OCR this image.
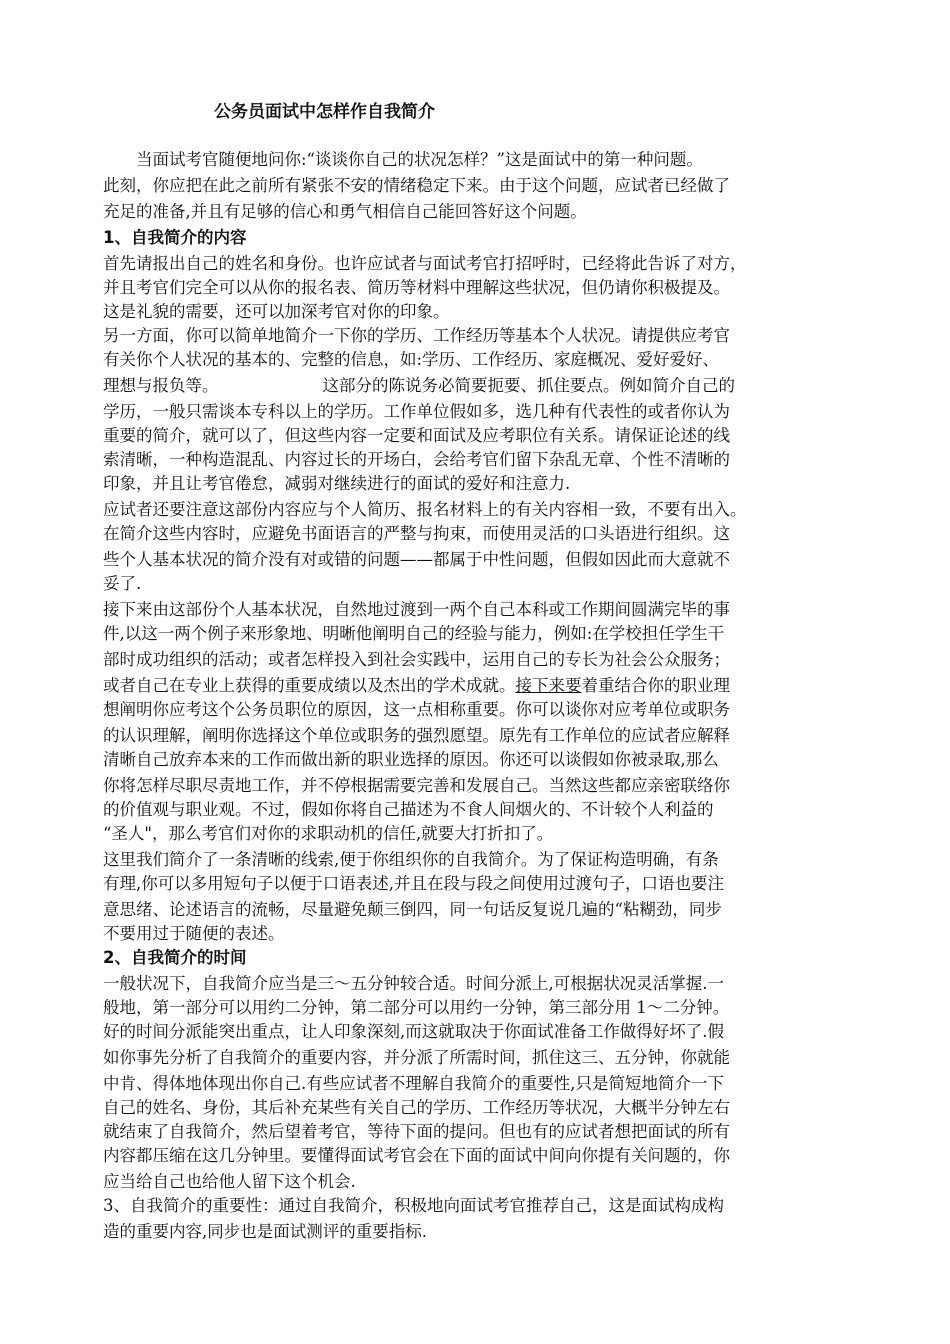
公务员面试中怎样作自我简介
当面试考官随便地问你:“谈谈你自己的状况怎样？”这是面试中的第一种问题。
此刻，你应把在此之前所有紧张不安的情绪稳定下来。由于这个问题，应试者已经做了
充足的准备,并且有足够的信心和勇气相信自己能回答好这个问题。
1、自我简介的内容
首先请报出自己的姓名和身份。也许应试者与面试考官打招呼时，已经将此告诉了对方，
并且考官们完全可以从你的报名表、简历等材料中理解这些状况，但仍请你积极提及。
这是礼貌的需要，还可以加深考官对你的印象。
另一方面，你可以简单地简介一下你的学历、工作经历等基本个人状况。请提供应考官
有关你个人状况的基本的、完整的信息，如:学历、工作经历、家庭概况、爱好爱好、
理想与报负等。	这部分的陈说务必简要扼要、抓住要点。例如简介自己的
学历，一般只需谈本专科以上的学历。工作单位假如多，选几种有代表性的或者你认为
重要的简介，就可以了，但这些内容一定要和面试及应考职位有关系。请保证论述的线
索清晰，一种构造混乱、内容过长的开场白，会给考官们留下杂乱无章、个性不清晰的
印象，并且让考官倦怠，减弱对继续进行的面试的爱好和注意力.
应试者还要注意这部份内容应与个人简历、报名材料上的有关内容相一致，不要有出入。
在简介这些内容时，应避免书面语言的严整与拘束，而使用灵活的口头语进行组织。这
些个人基本状况的简介没有对或错的问题——都属于中性问题，但假如因此而大意就不
妥了.
接下来由这部份个人基本状况，自然地过渡到一两个自己本科或工作期间圆满完毕的事
件,以这一两个例子来形象地、明晰他阐明自己的经验与能力，例如:在学校担任学生干
部时成功组织的活动；或者怎样投入到社会实践中，运用自己的专长为社会公众服务；
或者自己在专业上获得的重要成绩以及杰出的学术成就。接下来要着重结合你的职业理
想阐明你应考这个公务员职位的原因，这一点相称重要。你可以谈你对应考单位或职务
的认识理解，阐明你选择这个单位或职务的强烈愿望。原先有工作单位的应试者应解释
清晰自己放弃本来的工作而做出新的职业选择的原因。你还可以谈假如你被录取,那么
你将怎样尽职尽责地工作，并不停根据需要完善和发展自己。当然这些都应亲密联络你
的价值观与职业观。不过，假如你将自己描述为不食人间烟火的、不计较个人利益的
“圣人"，那么考官们对你的求职动机的信任,就要大打折扣了。
这里我们简介了一条清晰的线索,便于你组织你的自我简介。为了保证构造明确，有条
有理,你可以多用短句子以便于口语表述,并且在段与段之间使用过渡句子，口语也要注
意思绪、论述语言的流畅，尽量避免颠三倒四，同一句话反复说几遍的“粘糊劲，同步
不要用过于随便的表述。
2、自我简介的时间
一般状况下，自我简介应当是三～五分钟较合适。时间分派上,可根据状况灵活掌握.一
般地，第一部分可以用约二分钟，第二部分可以用约一分钟，第三部分用 1～二分钟。
好的时间分派能突出重点，让人印象深刻,而这就取决于你面试准备工作做得好坏了.假
如你事先分析了自我简介的重要内容，并分派了所需时间，抓住这三、五分钟，你就能
中肯、得体地体现出你自己.有些应试者不理解自我简介的重要性,只是简短地简介一下
自己的姓名、身份，其后补充某些有关自己的学历、工作经历等状况，大概半分钟左右
就结束了自我简介，然后望着考官，等待下面的提问。但也有的应试者想把面试的所有
内容都压缩在这几分钟里。要懂得面试考官会在下面的面试中间向你提有关问题的，你
应当给自己也给他人留下这个机会.
3、自我简介的重要性：通过自我简介，积极地向面试考官推荐自己，这是面试构成构
造的重要内容,同步也是面试测评的重要指标.
